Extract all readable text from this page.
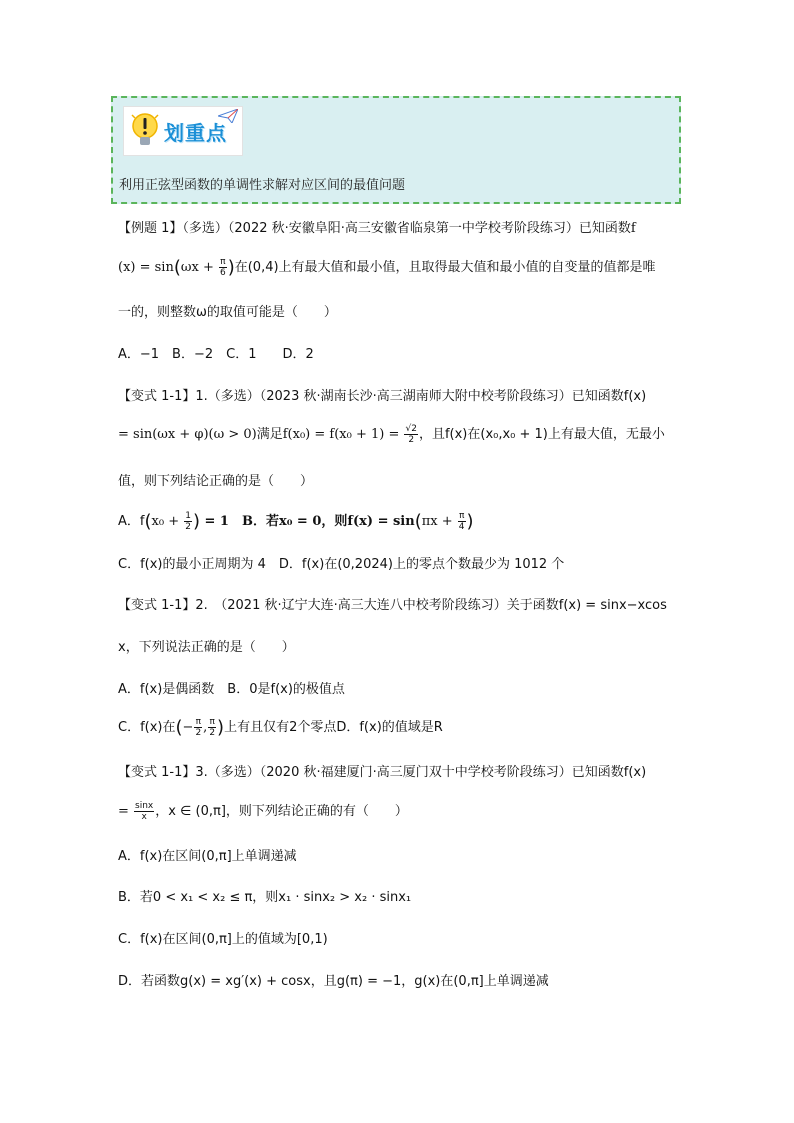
划重点
利用正弦型函数的单调性求解对应区间的最值问题
【例题 1】（多选）（2022 秋·安徽阜阳·高三安徽省临泉第一中学校考阶段练习）已知函数f
$(x) = \sin(\omega x + \frac{\pi}{6}$ )在(0,4)上有最大值和最小值，且取得最大值和最小值的自变量的值都是唯
一的，则整数ω的取值可能是（　　）
A．−1　B．−2　C．1　　D．2
【变式 1-1】1.（多选）（2023 秋·湖南长沙·高三湖南师大附中校考阶段练习）已知函数f(x)
= sin(ωx + φ)(ω > 0)满足$f(x_0) = f(x_0 + 1) = \frac{√2}{2}$ ，且f(x)在(x₀,x₀ + 1)上有最大值，无最小
值，则下列结论正确的是（　　）
A．$f(x_0 + \frac{1}{2}$ ) = 1　B．若x₀ = 0，则$f(x) = \sin(\pi x + \frac{\pi}{4}$ )
C．f(x)的最小正周期为 4　D．f(x)在(0,2024)上的零点个数最少为 1012 个
【变式 1-1】2.　（2021 秋·辽宁大连·高三大连八中校考阶段练习）关于函数f(x) = sinx−xcos
x，下列说法正确的是（　　）
A．f(x)是偶函数　B．0是f(x)的极值点
C．f(x)在(− $\frac{\pi}{2}$ , $\frac{\pi}{2}$ )上有且仅有2个零点D．f(x)的值域是R
【变式 1-1】3.（多选）（2020 秋·福建厦门·高三厦门双十中学校考阶段练习）已知函数f(x)
= $\frac{\sin x}{x}$ ，x ∈ (0,π]，则下列结论正确的有（　　）
A．f(x)在区间(0,π]上单调递减
B．若0 < x₁ < x₂ ≤ π，则x₁ · sinx₂ > x₂ · sinx₁
C．f(x)在区间(0,π]上的值域为[0,1)
D．若函数g(x) = xg′(x) + cosx，且g(π) = −1，g(x)在(0,π]上单调递减
